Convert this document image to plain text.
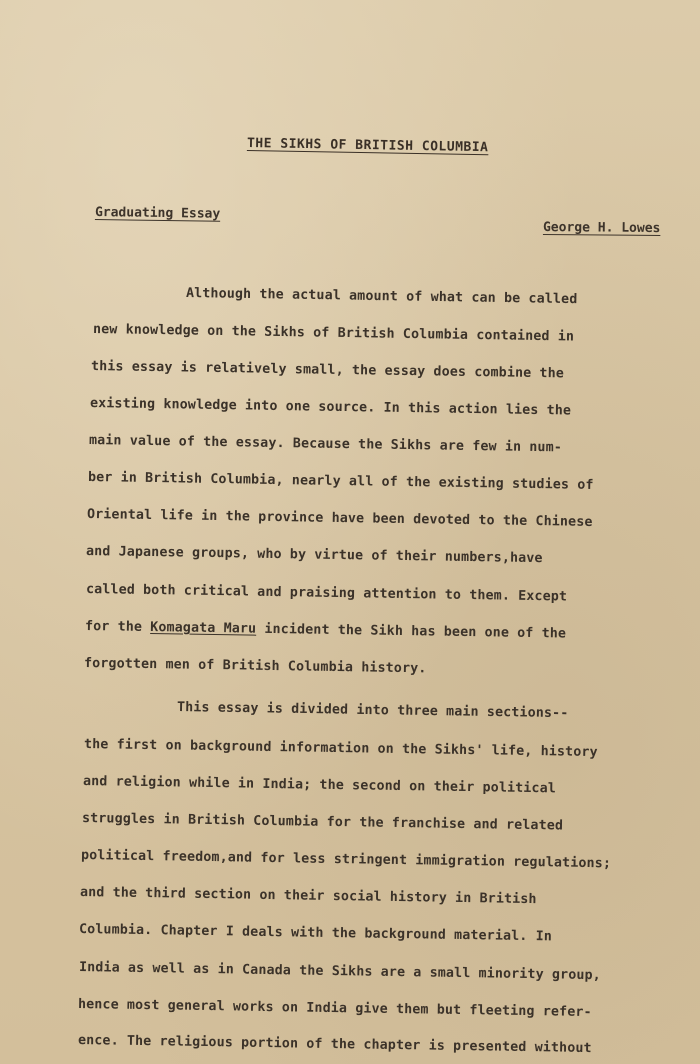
THE SIKHS OF BRITISH COLUMBIA
Graduating Essay
George H. Lowes
Although the actual amount of what can be called
new knowledge on the Sikhs of British Columbia contained in
this essay is relatively small, the essay does combine the
existing knowledge into one source. In this action lies the
main value of the essay. Because the Sikhs are few in num-
ber in British Columbia, nearly all of the existing studies of
Oriental life in the province have been devoted to the Chinese
and Japanese groups, who by virtue of their numbers,have
called both critical and praising attention to them. Except
for the Komagata Maru incident the Sikh has been one of the
forgotten men of British Columbia history.
This essay is divided into three main sections--
the first on background information on the Sikhs' life, history
and religion while in India; the second on their political
struggles in British Columbia for the franchise and related
political freedom,and for less stringent immigration regulations;
and the third section on their social history in British
Columbia. Chapter I deals with the background material. In
India as well as in Canada the Sikhs are a small minority group,
hence most general works on India give them but fleeting refer-
ence. The religious portion of the chapter is presented without
